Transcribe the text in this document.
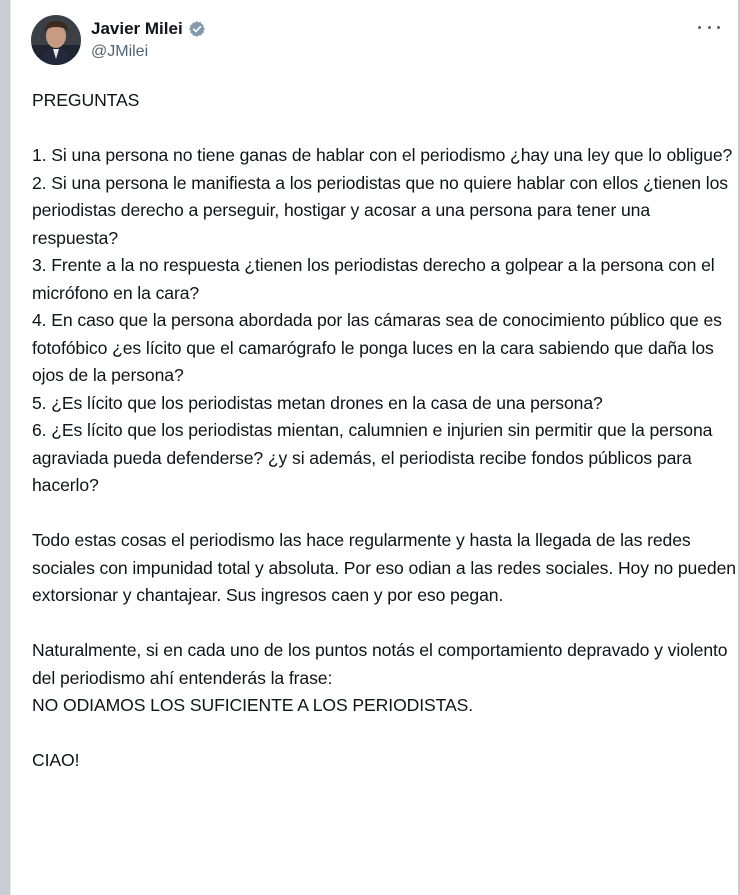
Javier Milei
@JMilei

PREGUNTAS

1. Si una persona no tiene ganas de hablar con el periodismo ¿hay una ley que lo obligue?

2. Si una persona le manifiesta a los periodistas que no quiere hablar con ellos ¿tienen los periodistas derecho a perseguir, hostigar y acosar a una persona para tener una respuesta?

3. Frente a la no respuesta ¿tienen los periodistas derecho a golpear a la persona con el micrófono en la cara?

4. En caso que la persona abordada por las cámaras sea de conocimiento público que es fotofóbico ¿es lícito que el camarógrafo le ponga luces en la cara sabiendo que daña los ojos de la persona?

5. ¿Es lícito que los periodistas metan drones en la casa de una persona?

6. ¿Es lícito que los periodistas mientan, calumnien e injurien sin permitir que la persona agraviada pueda defenderse? ¿y si además, el periodista recibe fondos públicos para hacerlo?

Todo estas cosas el periodismo las hace regularmente y hasta la llegada de las redes sociales con impunidad total y absoluta. Por eso odian a las redes sociales. Hoy no pueden extorsionar y chantajear. Sus ingresos caen y por eso pegan.

Naturalmente, si en cada uno de los puntos notás el comportamiento depravado y violento del periodismo ahí entenderás la frase:

NO ODIAMOS LOS SUFICIENTE A LOS PERIODISTAS.

CIAO!
